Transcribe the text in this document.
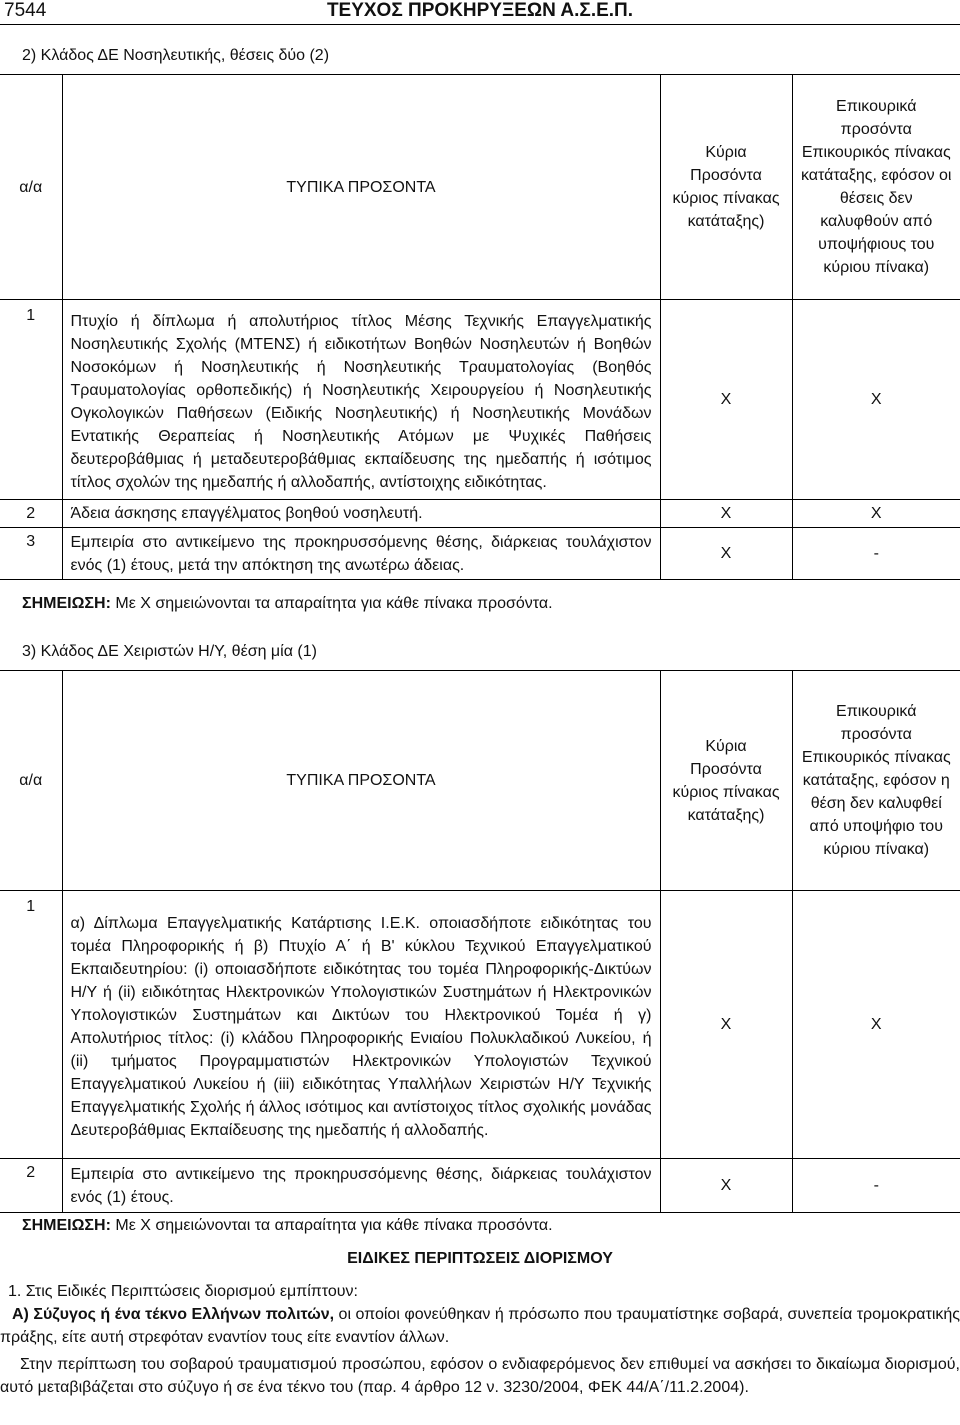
7544	ΤΕΥΧΟΣ ΠΡΟΚΗΡΥΞΕΩΝ Α.Σ.Ε.Π.
2) Κλάδος ΔΕ Νοσηλευτικής, θέσεις δύο (2)
α/α	ΤΥΠΙΚΑ ΠΡΟΣΟΝΤΑ	Κύρια Προσόντα κύριος πίνακας κατάταξης)	Επικουρικά προσόντα Επικουρικός πίνακας κατάταξης, εφόσον οι θέσεις δεν καλυφθούν από υποψήφιους του κύριου πίνακα)
1	Πτυχίο ή δίπλωμα ή απολυτήριος τίτλος Μέσης Τεχνικής Επαγγελματικής Νοσηλευτικής Σχολής (ΜΤΕΝΣ) ή ειδικοτήτων Βοηθών Νοσηλευτών ή Βοηθών Νοσοκόμων ή Νοσηλευτικής ή Νοσηλευτικής Τραυματολογίας (Βοηθός Τραυματολογίας ορθοπεδικής) ή Νοσηλευτικής Χειρουργείου ή Νοσηλευτικής Ογκολογικών Παθήσεων (Ειδικής Νοσηλευτικής) ή Νοσηλευτικής Μονάδων Εντατικής Θεραπείας ή Νοσηλευτικής Ατόμων με Ψυχικές Παθήσεις δευτεροβάθμιας ή μεταδευτεροβάθμιας εκπαίδευσης της ημεδαπής ή ισότιμος τίτλος σχολών της ημεδαπής ή αλλοδαπής, αντίστοιχης ειδικότητας.	Χ	Χ
2	Άδεια άσκησης επαγγέλματος βοηθού νοσηλευτή.	Χ	Χ
3	Εμπειρία στο αντικείμενο της προκηρυσσόμενης θέσης, διάρκειας τουλάχιστον ενός (1) έτους, μετά την απόκτηση της ανωτέρω άδειας.	Χ	-
ΣΗΜΕΙΩΣΗ: Με Χ σημειώνονται τα απαραίτητα για κάθε πίνακα προσόντα.
3) Κλάδος ΔΕ Χειριστών Η/Υ, θέση μία (1)
α/α	ΤΥΠΙΚΑ ΠΡΟΣΟΝΤΑ	Κύρια Προσόντα κύριος πίνακας κατάταξης)	Επικουρικά προσόντα Επικουρικός πίνακας κατάταξης, εφόσον η θέση δεν καλυφθεί από υποψήφιο του κύριου πίνακα)
1	α) Δίπλωμα Επαγγελματικής Κατάρτισης Ι.Ε.Κ. οποιασδήποτε ειδικότητας του τομέα Πληροφορικής ή β) Πτυχίο Α΄ ή Β' κύκλου Τεχνικού Επαγγελματικού Εκπαιδευτηρίου: (i) οποιασδήποτε ειδικότητας του τομέα Πληροφορικής-Δικτύων Η/Υ ή (ii) ειδικότητας Ηλεκτρονικών Υπολογιστικών Συστημάτων ή Ηλεκτρονικών Υπολογιστικών Συστημάτων και Δικτύων του Ηλεκτρονικού Τομέα ή γ) Απολυτήριος τίτλος: (i) κλάδου Πληροφορικής Ενιαίου Πολυκλαδικού Λυκείου, ή (ii) τμήματος Προγραμματιστών Ηλεκτρονικών Υπολογιστών Τεχνικού Επαγγελματικού Λυκείου ή (iii) ειδικότητας Υπαλλήλων Χειριστών Η/Υ Τεχνικής Επαγγελματικής Σχολής ή άλλος ισότιμος και αντίστοιχος τίτλος σχολικής μονάδας Δευτεροβάθμιας Εκπαίδευσης της ημεδαπής ή αλλοδαπής.	Χ	Χ
2	Εμπειρία στο αντικείμενο της προκηρυσσόμενης θέσης, διάρκειας τουλάχιστον ενός (1) έτους.	Χ	-
ΣΗΜΕΙΩΣΗ: Με Χ σημειώνονται τα απαραίτητα για κάθε πίνακα προσόντα.
ΕΙΔΙΚΕΣ ΠΕΡΙΠΤΩΣΕΙΣ ΔΙΟΡΙΣΜΟΥ
1. Στις Ειδικές Περιπτώσεις διορισμού εμπίπτουν:
Α) Σύζυγος ή ένα τέκνο Ελλήνων πολιτών, οι οποίοι φονεύθηκαν ή πρόσωπο που τραυματίστηκε σοβαρά, συνεπεία τρομοκρατικής πράξης, είτε αυτή στρεφόταν εναντίον τους είτε εναντίον άλλων.
Στην περίπτωση του σοβαρού τραυματισμού προσώπου, εφόσον ο ενδιαφερόμενος δεν επιθυμεί να ασκήσει το δικαίωμα διορισμού, αυτό μεταβιβάζεται στο σύζυγο ή σε ένα τέκνο του (παρ. 4 άρθρο 12 ν. 3230/2004, ΦΕΚ 44/Α΄/11.2.2004).
